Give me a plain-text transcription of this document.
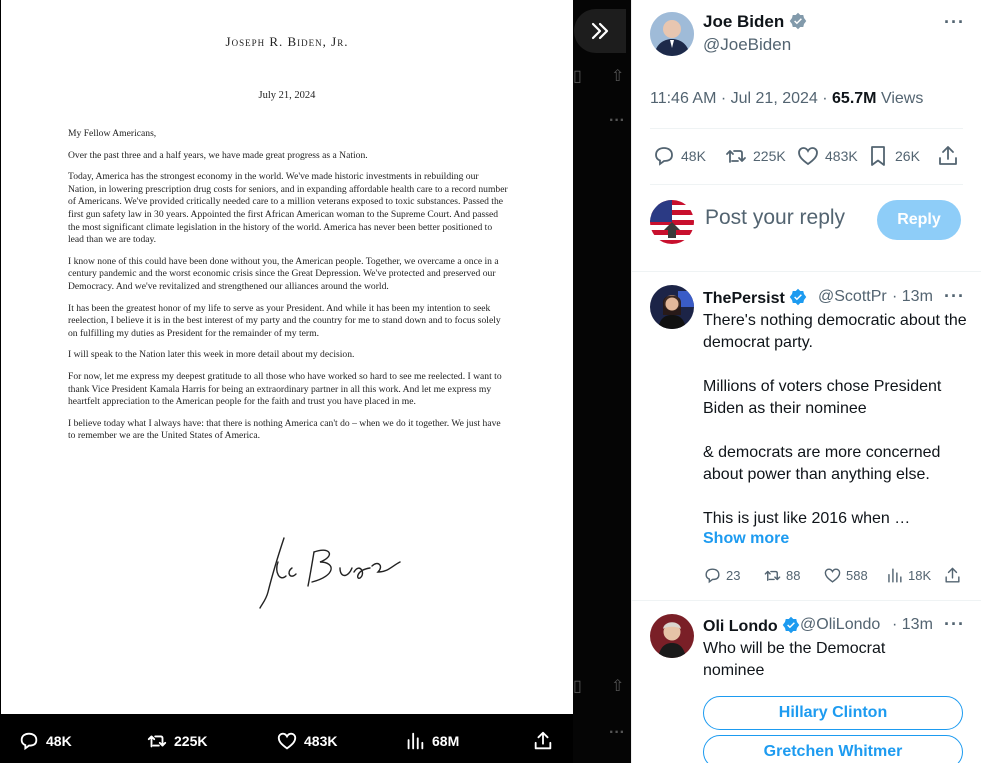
▯ ⇧
···
▯ ⇧
···
Joseph R. Biden, Jr.
July 21, 2024

My Fellow Americans,

Over the past three and a half years, we have made great progress as a Nation.

Today, America has the strongest economy in the world. We've made historic investments in rebuilding our Nation, in lowering prescription drug costs for seniors, and in expanding affordable health care to a record number of Americans. We've provided critically needed care to a million veterans exposed to toxic substances. Passed the first gun safety law in 30 years. Appointed the first African American woman to the Supreme Court. And passed the most significant climate legislation in the history of the world. America has never been better positioned to lead than we are today.

I know none of this could have been done without you, the American people. Together, we overcame a once in a century pandemic and the worst economic crisis since the Great Depression. We've protected and preserved our Democracy. And we've revitalized and strengthened our alliances around the world.

It has been the greatest honor of my life to serve as your President. And while it has been my intention to seek reelection, I believe it is in the best interest of my party and the country for me to stand down and to focus solely on fulfilling my duties as President for the remainder of my term.

I will speak to the Nation later this week in more detail about my decision.

For now, let me express my deepest gratitude to all those who have worked so hard to see me reelected. I want to thank Vice President Kamala Harris for being an extraordinary partner in all this work. And let me express my heartfelt appreciation to the American people for the faith and trust you have placed in me.

I believe today what I always have: that there is nothing America can't do – when we do it together. We just have to remember we are the United States of America.

48K	225K	483K	68M
Joe Biden
@JoeBiden
···
11:46 AM · Jul 21, 2024 · 65.7M Views
48K	225K	483K	26K
Post your reply	Reply
ThePersist	@ScottPr · 13m ···
There's nothing democratic about the democrat party.

Millions of voters chose President Biden as their nominee

& democrats are more concerned about power than anything else.

This is just like 2016 when …
Show more
23	88	588	18K
Oli Londo	@OliLondo · 13m ···
Who will be the Democrat nominee
Hillary Clinton
Gretchen Whitmer
